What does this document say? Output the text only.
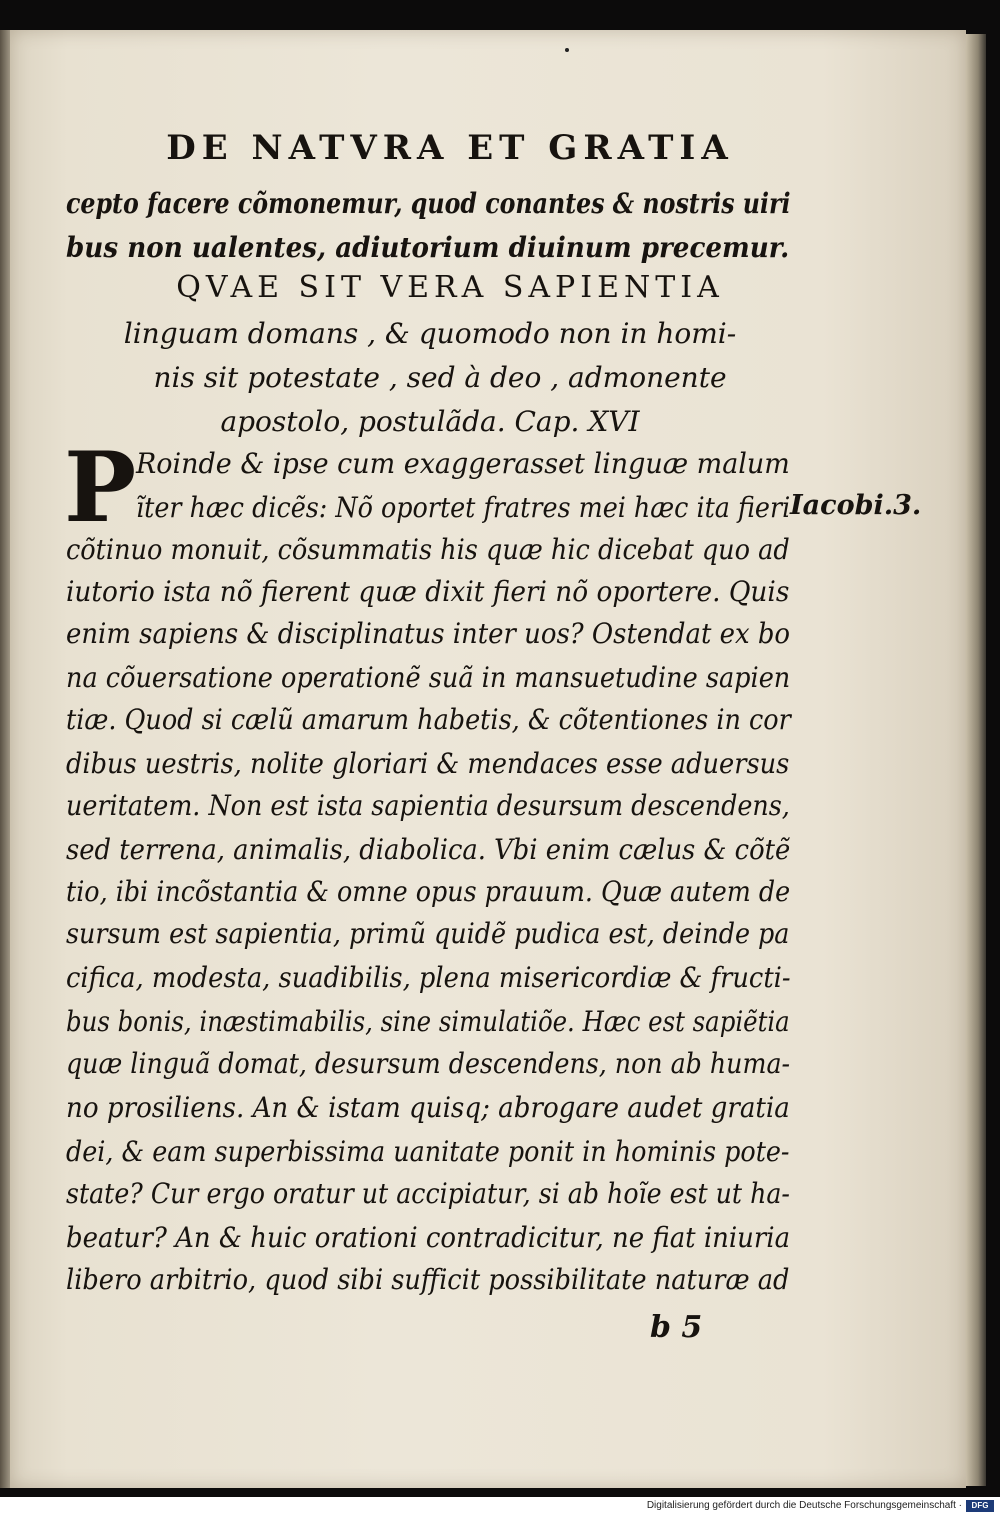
DE NATVRA ET GRATIA
cepto facere cõmonemur, quod conantes & nostris uiri
bus non ualentes, adiutorium diuinum precemur.
QVAE SIT VERA SAPIENTIA
linguam domans , & quomodo non in homi-
nis sit potestate , sed à deo , admonente
apostolo, postulãda. Cap. XVI
P Roinde & ipse cum exaggerasset linguæ malum
ĩter hæc dicẽs: Nõ oportet fratres mei hæc ita fieri
cõtinuo monuit, cõsummatis his quæ hic dicebat quo ad
iutorio ista nõ fierent quæ dixit fieri nõ oportere. Quis
enim sapiens & disciplinatus inter uos? Ostendat ex bo
na cõuersatione operationẽ suã in mansuetudine sapien
tiæ. Quod si cælũ amarum habetis, & cõtentiones in cor
dibus uestris, nolite gloriari & mendaces esse aduersus
ueritatem. Non est ista sapientia desursum descendens,
sed terrena, animalis, diabolica. Vbi enim cælus & cõtẽ
tio, ibi incõstantia & omne opus prauum. Quæ autem de
sursum est sapientia, primũ quidẽ pudica est, deinde pa
cifica, modesta, suadibilis, plena misericordiæ & fructi-
bus bonis, inæstimabilis, sine simulatiõe. Hæc est sapiẽtia
quæ linguã domat, desursum descendens, non ab huma-
no prosiliens. An & istam quisq; abrogare audet gratia
dei, & eam superbissima uanitate ponit in hominis pote-
state? Cur ergo oratur ut accipiatur, si ab hoĩe est ut ha-
beatur? An & huic orationi contradicitur, ne fiat iniuria
libero arbitrio, quod sibi sufficit possibilitate naturæ ad
Iacobi.3.
b 5
Digitalisierung gefördert durch die Deutsche Forschungsgemeinschaft ·	DFG
